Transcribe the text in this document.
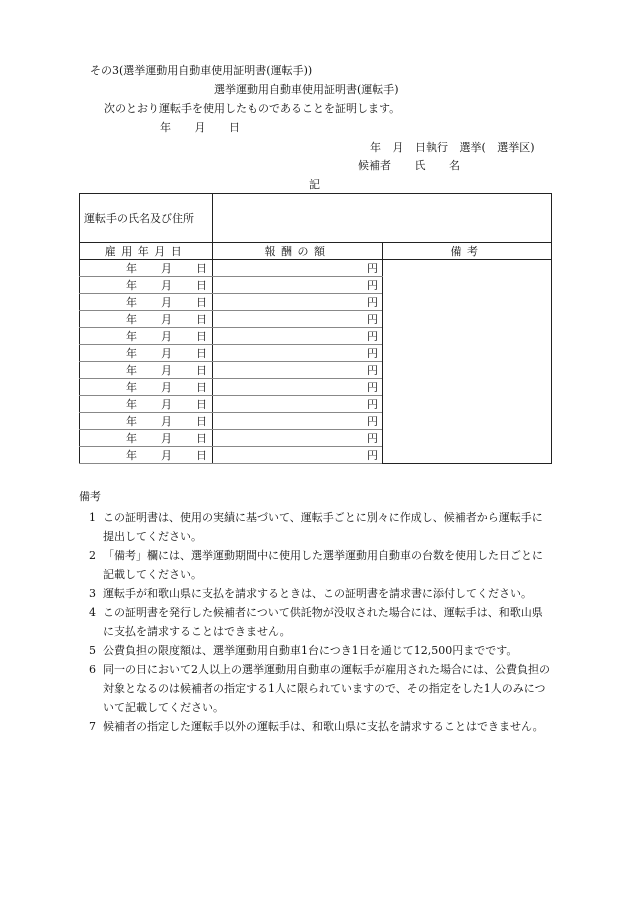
その3(選挙運動用自動車使用証明書(運転手))
選挙運動用自動車使用証明書(運転手)
次のとおり運転手を使用したものであることを証明します。
年 月 日
年 月 日執行 選挙( 選挙区)
候補者 氏 名
記
運転手の氏名及び住所		
雇用年月日	報酬の額	備考

年 月 日	円	

年 月 日	円	

年 月 日	円	

年 月 日	円	

年 月 日	円	

年 月 日	円	

年 月 日	円	

年 月 日	円	

年 月 日	円	

年 月 日	円	

年 月 日	円	

年 月 日	円	
備考
1 この証明書は、使用の実績に基づいて、運転手ごとに別々に作成し、候補者から運転手に提出してください。
2 「備考」欄には、選挙運動期間中に使用した選挙運動用自動車の台数を使用した日ごとに記載してください。
3 運転手が和歌山県に支払を請求するときは、この証明書を請求書に添付してください。
4 この証明書を発行した候補者について供託物が没収された場合には、運転手は、和歌山県に支払を請求することはできません。
5 公費負担の限度額は、選挙運動用自動車1台につき1日を通じて12,500円までです。
6 同一の日において2人以上の選挙運動用自動車の運転手が雇用された場合には、公費負担の対象となるのは候補者の指定する1人に限られていますので、その指定をした1人のみについて記載してください。
7 候補者の指定した運転手以外の運転手は、和歌山県に支払を請求することはできません。
